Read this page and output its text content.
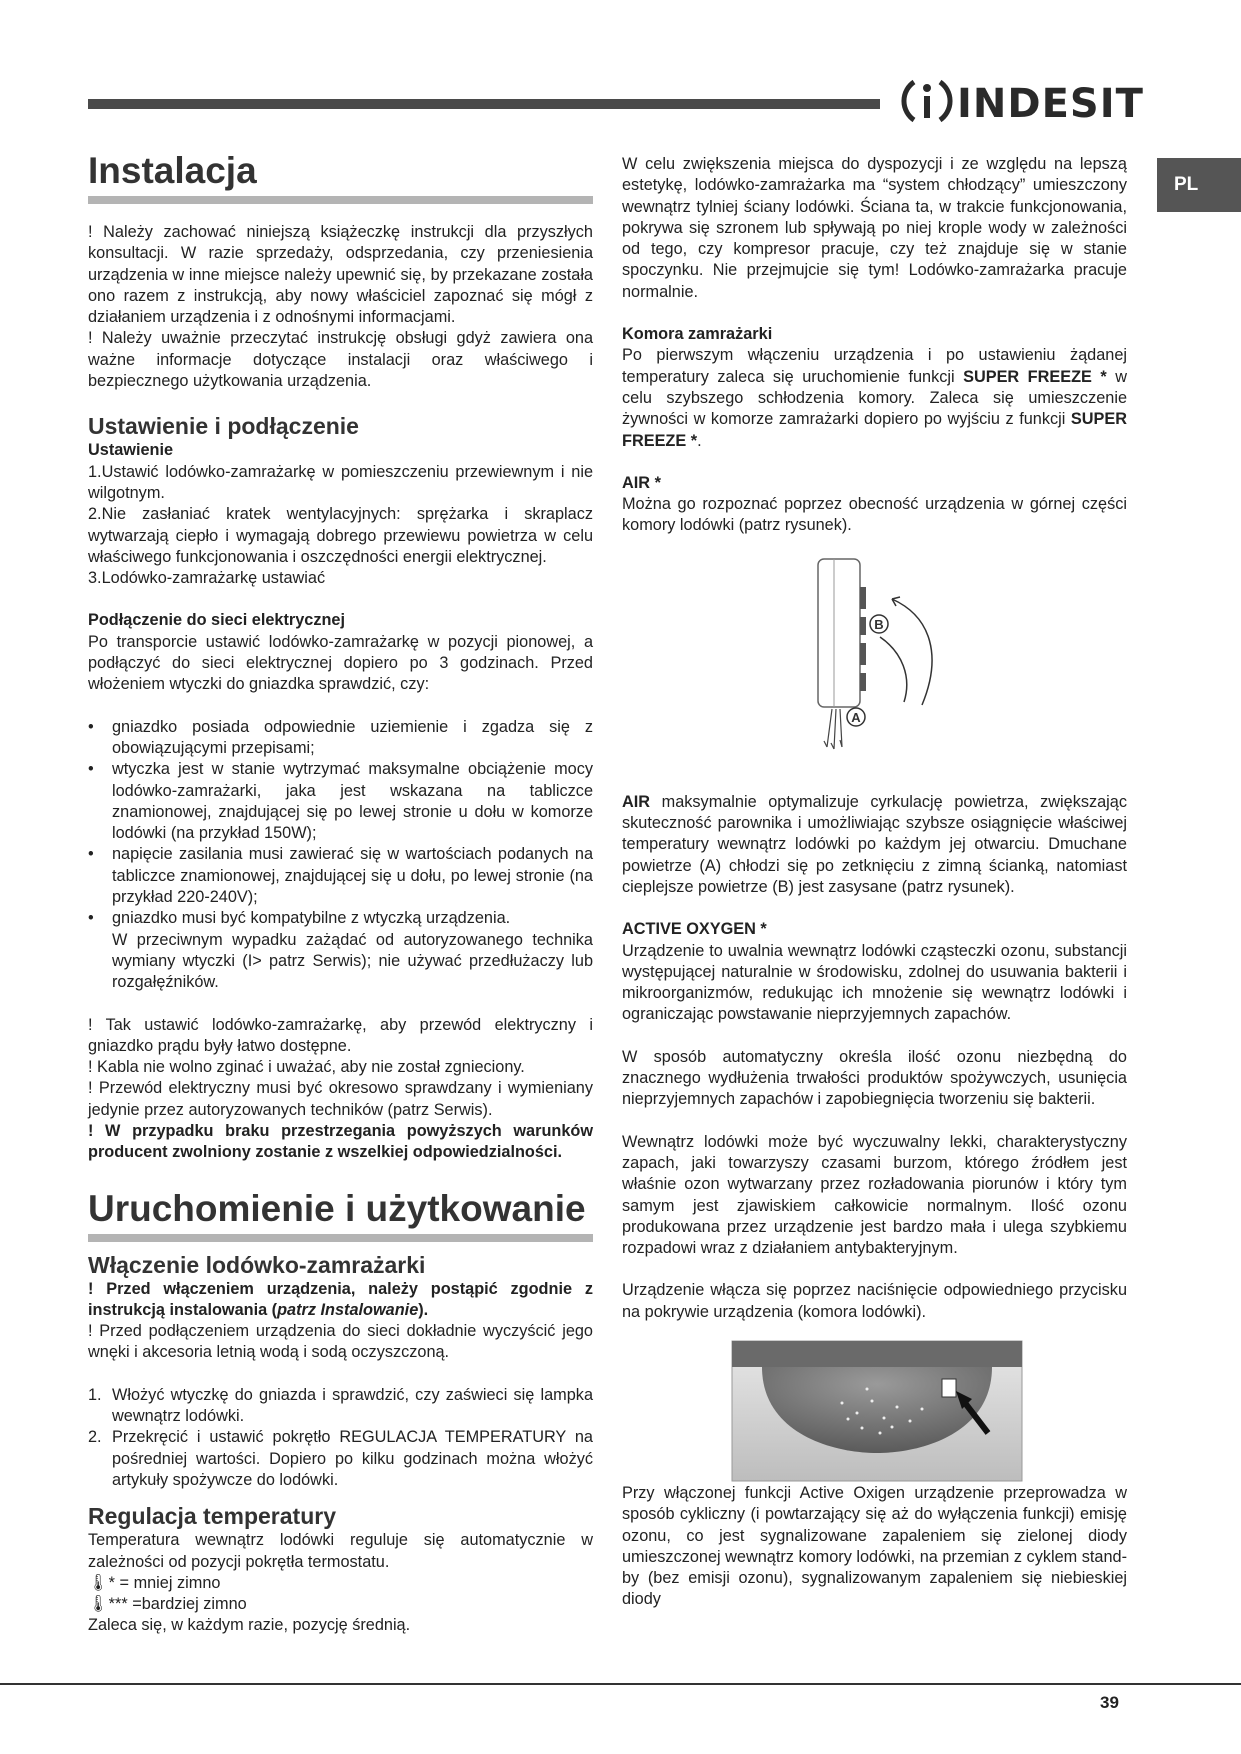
INDESIT
PL
Instalacja

! Należy zachować niniejszą książeczkę instrukcji dla przyszłych konsultacji. W razie sprzedaży, odsprzedania, czy przeniesienia urządzenia w inne miejsce należy upewnić się, by przekazane została ono razem z instrukcją, aby nowy właściciel zapoznać się mógł z działaniem urządzenia i z odnośnymi informacjami.

! Należy uważnie przeczytać instrukcję obsługi gdyż zawiera ona ważne informacje dotyczące instalacji oraz właściwego i bezpiecznego użytkowania urządzenia.

Ustawienie i podłączenie
Ustawienie

1.Ustawić lodówko-zamrażarkę w pomieszczeniu przewiewnym i nie wilgotnym.

2.Nie zasłaniać kratek wentylacyjnych: sprężarka i skraplacz wytwarzają ciepło i wymagają dobrego przewiewu powietrza w celu właściwego funkcjonowania i oszczędności energii elektrycznej.

3.Lodówko-zamrażarkę ustawiać

Podłączenie do sieci elektrycznej

Po transporcie ustawić lodówko-zamrażarkę w pozycji pionowej, a podłączyć do sieci elektrycznej dopiero po 3 godzinach. Przed włożeniem wtyczki do gniazdka sprawdzić, czy:

• gniazdko posiada odpowiednie uziemienie i zgadza się z obowiązującymi przepisami;
• wtyczka jest w stanie wytrzymać maksymalne obciążenie mocy lodówko-zamrażarki, jaka jest wskazana na tabliczce znamionowej, znajdującej się po lewej stronie u dołu w komorze lodówki (na przykład 150W);
• napięcie zasilania musi zawierać się w wartościach podanych na tabliczce znamionowej, znajdującej się u dołu, po lewej stronie (na przykład 220-240V);
• gniazdko musi być kompatybilne z wtyczką urządzenia.

W przeciwnym wypadku zażądać od autoryzowanego technika wymiany wtyczki (I> patrz Serwis); nie używać przedłużaczy lub rozgałęźników.

! Tak ustawić lodówko-zamrażarkę, aby przewód elektryczny i gniazdko prądu były łatwo dostępne.

! Kabla nie wolno zginać i uważać, aby nie został zgnieciony.

! Przewód elektryczny musi być okresowo sprawdzany i wymieniany jedynie przez autoryzowanych techników (patrz Serwis).

! W przypadku braku przestrzegania powyższych warunków producent zwolniony zostanie z wszelkiej odpowiedzialności.

Uruchomienie i użytkowanie
Włączenie lodówko-zamrażarki

! Przed włączeniem urządzenia, należy postąpić zgodnie z instrukcją instalowania (patrz Instalowanie).

! Przed podłączeniem urządzenia do sieci dokładnie wyczyścić jego wnęki i akcesoria letnią wodą i sodą oczyszczoną.

1. Włożyć wtyczkę do gniazda i sprawdzić, czy zaświeci się lampka wewnątrz lodówki.
2. Przekręcić i ustawić pokrętło REGULACJA TEMPERATURY na pośredniej wartości. Dopiero po kilku godzinach można włożyć artykuły spożywcze do lodówki.
Regulacja temperatury

Temperatura wewnątrz lodówki reguluje się automatycznie w zależności od pozycji pokrętła termostatu.

🌡* = mniej zimno
🌡*** =bardziej zimno

Zaleca się, w każdym razie, pozycję średnią.

W celu zwiększenia miejsca do dyspozycji i ze względu na lepszą estetykę, lodówko-zamrażarka ma “system chłodzący” umieszczony wewnątrz tylniej ściany lodówki. Ściana ta, w trakcie funkcjonowania, pokrywa się szronem lub spływają po niej krople wody w zależności od tego, czy kompresor pracuje, czy też znajduje się w stanie spoczynku. Nie przejmujcie się tym! Lodówko-zamrażarka pracuje normalnie.

Komora zamrażarki

Po pierwszym włączeniu urządzenia i po ustawieniu żądanej temperatury zaleca się uruchomienie funkcji SUPER FREEZE * w celu szybszego schłodzenia komory. Zaleca się umieszczenie żywności w komorze zamrażarki dopiero po wyjściu z funkcji SUPER FREEZE *.

AIR *

Można go rozpoznać poprzez obecność urządzenia w górnej części komory lodówki (patrz rysunek).

B
A

AIR maksymalnie optymalizuje cyrkulację powietrza, zwiększając skuteczność parownika i umożliwiając szybsze osiągnięcie właściwej temperatury wewnątrz lodówki po każdym jej otwarciu. Dmuchane powietrze (A) chłodzi się po zetknięciu z zimną ścianką, natomiast cieplejsze powietrze (B) jest zasysane (patrz rysunek).

ACTIVE OXYGEN *

Urządzenie to uwalnia wewnątrz lodówki cząsteczki ozonu, substancji występującej naturalnie w środowisku, zdolnej do usuwania bakterii i mikroorganizmów, redukując ich mnożenie się wewnątrz lodówki i ograniczając powstawanie nieprzyjemnych zapachów.

W sposób automatyczny określa ilość ozonu niezbędną do znacznego wydłużenia trwałości produktów spożywczych, usunięcia nieprzyjemnych zapachów i zapobiegnięcia tworzeniu się bakterii.

Wewnątrz lodówki może być wyczuwalny lekki, charakterystyczny zapach, jaki towarzyszy czasami burzom, którego źródłem jest właśnie ozon wytwarzany przez rozładowania piorunów i który tym samym jest zjawiskiem całkowicie normalnym. Ilość ozonu produkowana przez urządzenie jest bardzo mała i ulega szybkiemu rozpadowi wraz z działaniem antybakteryjnym.

Urządzenie włącza się poprzez naciśnięcie odpowiedniego przycisku na pokrywie urządzenia (komora lodówki).

Przy włączonej funkcji Active Oxigen urządzenie przeprowadza w sposób cykliczny (i powtarzający się aż do wyłączenia funkcji) emisję ozonu, co jest sygnalizowane zapaleniem się zielonej diody umieszczonej wewnątrz komory lodówki, na przemian z cyklem stand-by (bez emisji ozonu), sygnalizowanym zapaleniem się niebieskiej diody

39
